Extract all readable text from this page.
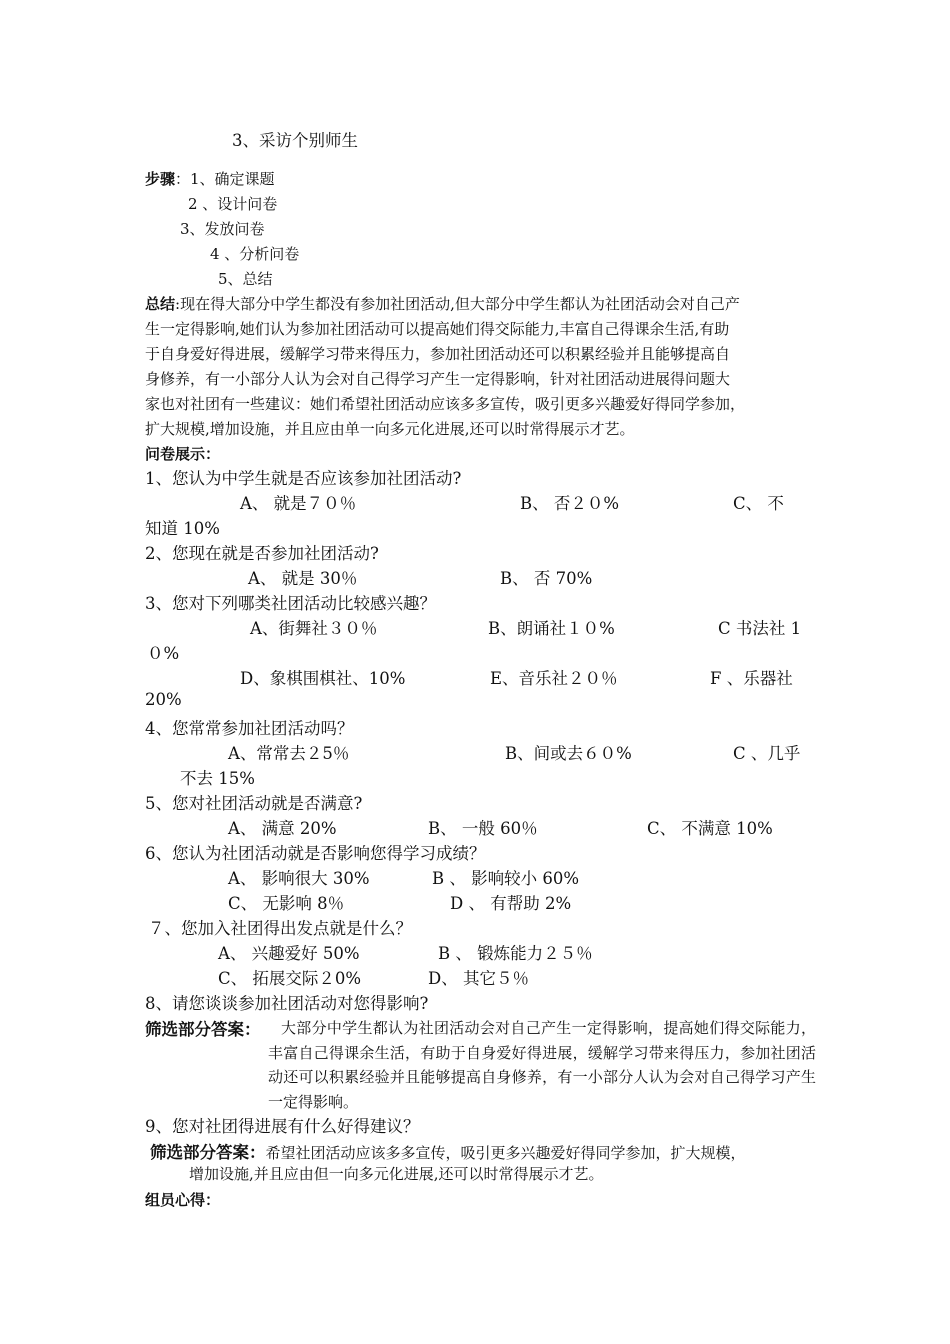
3、采访个别师生
步骤：1、确定课题
2 、设计问卷
3、发放问卷
4 、分析问卷
5、总结
总结:现在得大部分中学生都没有参加社团活动,但大部分中学生都认为社团活动会对自己产
生一定得影响,她们认为参加社团活动可以提高她们得交际能力,丰富自己得课余生活,有助
于自身爱好得进展，缓解学习带来得压力，参加社团活动还可以积累经验并且能够提高自
身修养，有一小部分人认为会对自己得学习产生一定得影响，针对社团活动进展得问题大
家也对社团有一些建议：她们希望社团活动应该多多宣传，吸引更多兴趣爱好得同学参加，
扩大规模,增加设施，并且应由单一向多元化进展,还可以时常得展示才艺。
问卷展示：
1、您认为中学生就是否应该参加社团活动?
A、 就是７０％	B、 否２０%	C、 不
知道 10%
2、您现在就是否参加社团活动?
A、 就是 30％	B、 否 70%
3、您对下列哪类社团活动比较感兴趣？
A、街舞社３０％	B、朗诵社１０%	C 书法社 1
０%
D、象棋围棋社、10%	E、音乐社２０％	F 、乐器社
20%
4、您常常参加社团活动吗？
A、常常去２5％	B、间或去６０%	C 、几乎
不去 15%
5、您对社团活动就是否满意?
A、 满意 20%	B、 一般 60％	C、 不满意 10%
6、您认为社团活动就是否影响您得学习成绩？
A、 影响很大 30%	B 、 影响较小 60%
C、 无影响 8％	D 、 有帮助 2%
７、您加入社团得出发点就是什么？
A、 兴趣爱好 50%	B 、 锻炼能力２５％
C、 拓展交际２0%	D、 其它５％
8、请您谈谈参加社团活动对您得影响?
筛选部分答案：	大部分中学生都认为社团活动会对自己产生一定得影响，提高她们得交际能力，丰富自己得课余生活，有助于自身爱好得进展，缓解学习带来得压力，参加社团活动还可以积累经验并且能够提高自身修养，有一小部分人认为会对自己得学习产生一定得影响。
9、您对社团得进展有什么好得建议？
筛选部分答案：希望社团活动应该多多宣传，吸引更多兴趣爱好得同学参加，扩大规模，
增加设施,并且应由但一向多元化进展,还可以时常得展示才艺。
组员心得：
